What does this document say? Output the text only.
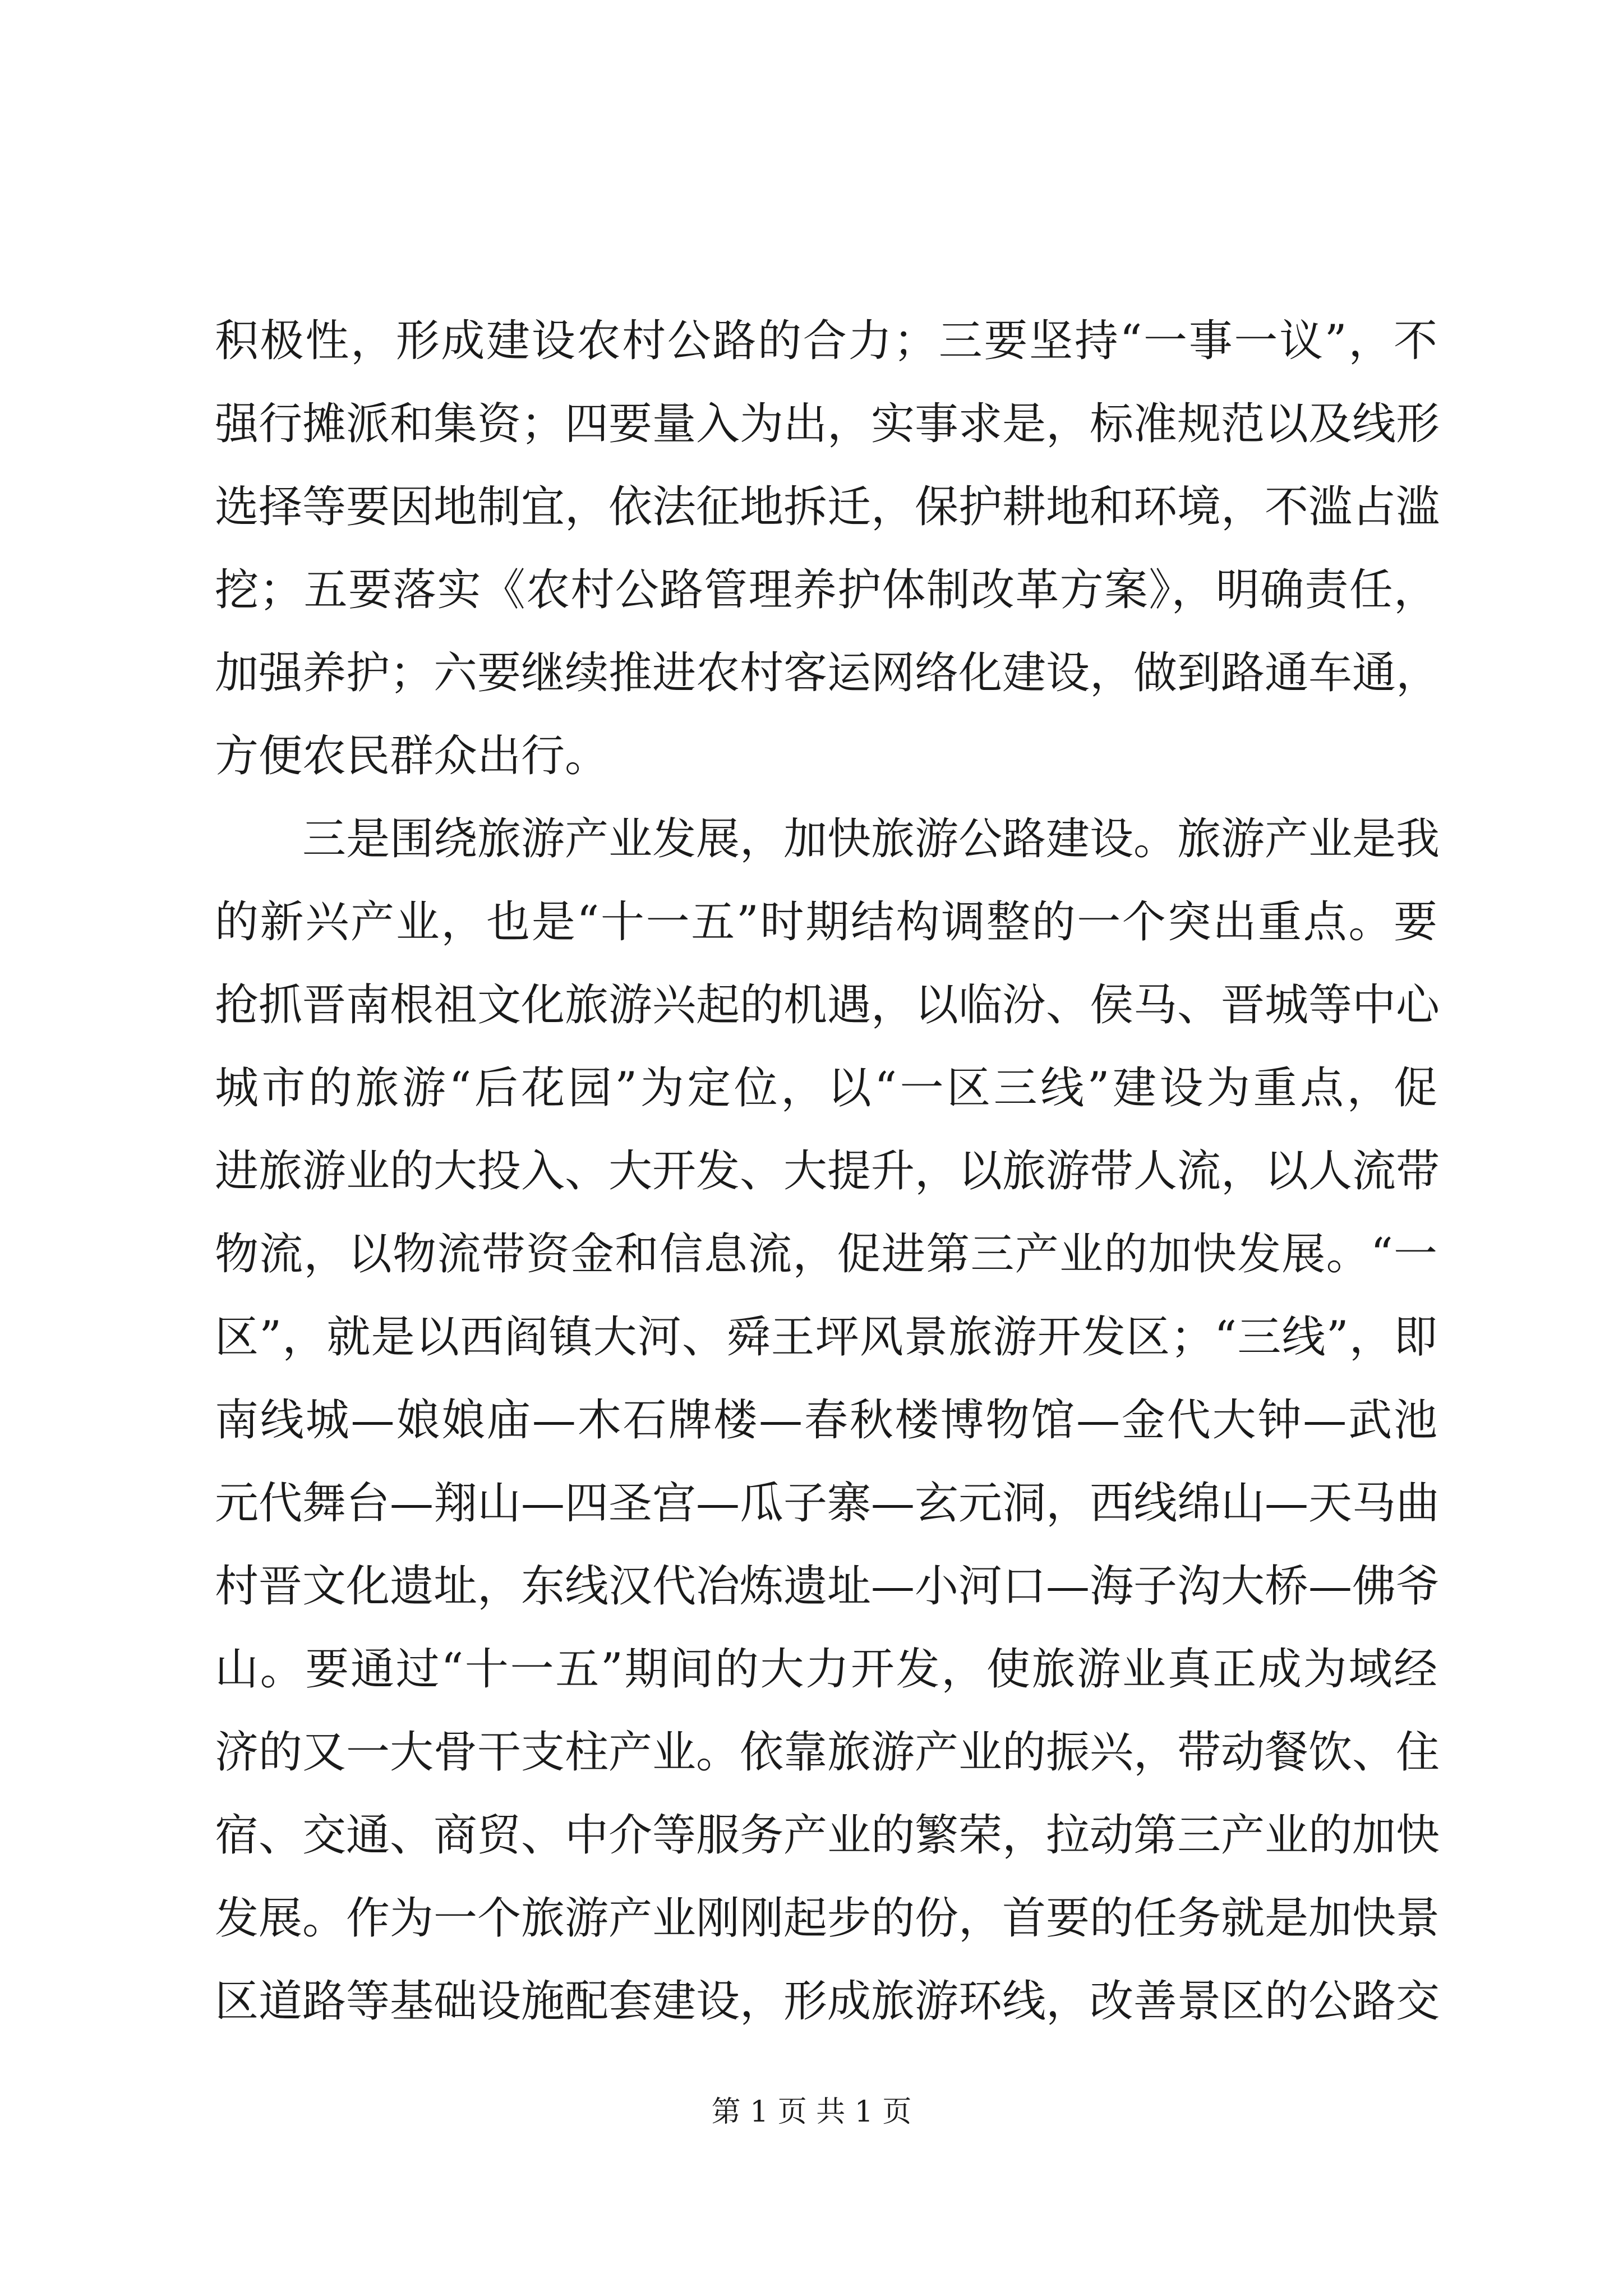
积极性，形成建设农村公路的合力；三要坚持“一事一议”，不
强行摊派和集资；四要量入为出，实事求是，标准规范以及线形
选择等要因地制宜，依法征地拆迁，保护耕地和环境，不滥占滥
挖；五要落实《农村公路管理养护体制改革方案》，明确责任，
加强养护；六要继续推进农村客运网络化建设，做到路通车通，
方便农民群众出行。
　　三是围绕旅游产业发展，加快旅游公路建设。旅游产业是我
的新兴产业，也是“十一五”时期结构调整的一个突出重点。要
抢抓晋南根祖文化旅游兴起的机遇，以临汾、侯马、晋城等中心
城市的旅游“后花园”为定位，以“一区三线”建设为重点，促
进旅游业的大投入、大开发、大提升，以旅游带人流，以人流带
物流，以物流带资金和信息流，促进第三产业的加快发展。“一
区”，就是以西阎镇大河、舜王坪风景旅游开发区；“三线”，即
南线城—娘娘庙—木石牌楼—春秋楼博物馆—金代大钟—武池
元代舞台—翔山—四圣宫—瓜子寨—玄元洞，西线绵山—天马曲
村晋文化遗址，东线汉代冶炼遗址—小河口—海子沟大桥—佛爷
山。要通过“十一五”期间的大力开发，使旅游业真正成为域经
济的又一大骨干支柱产业。依靠旅游产业的振兴，带动餐饮、住
宿、交通、商贸、中介等服务产业的繁荣，拉动第三产业的加快
发展。作为一个旅游产业刚刚起步的份，首要的任务就是加快景
区道路等基础设施配套建设，形成旅游环线，改善景区的公路交
第 1 页 共 1 页
